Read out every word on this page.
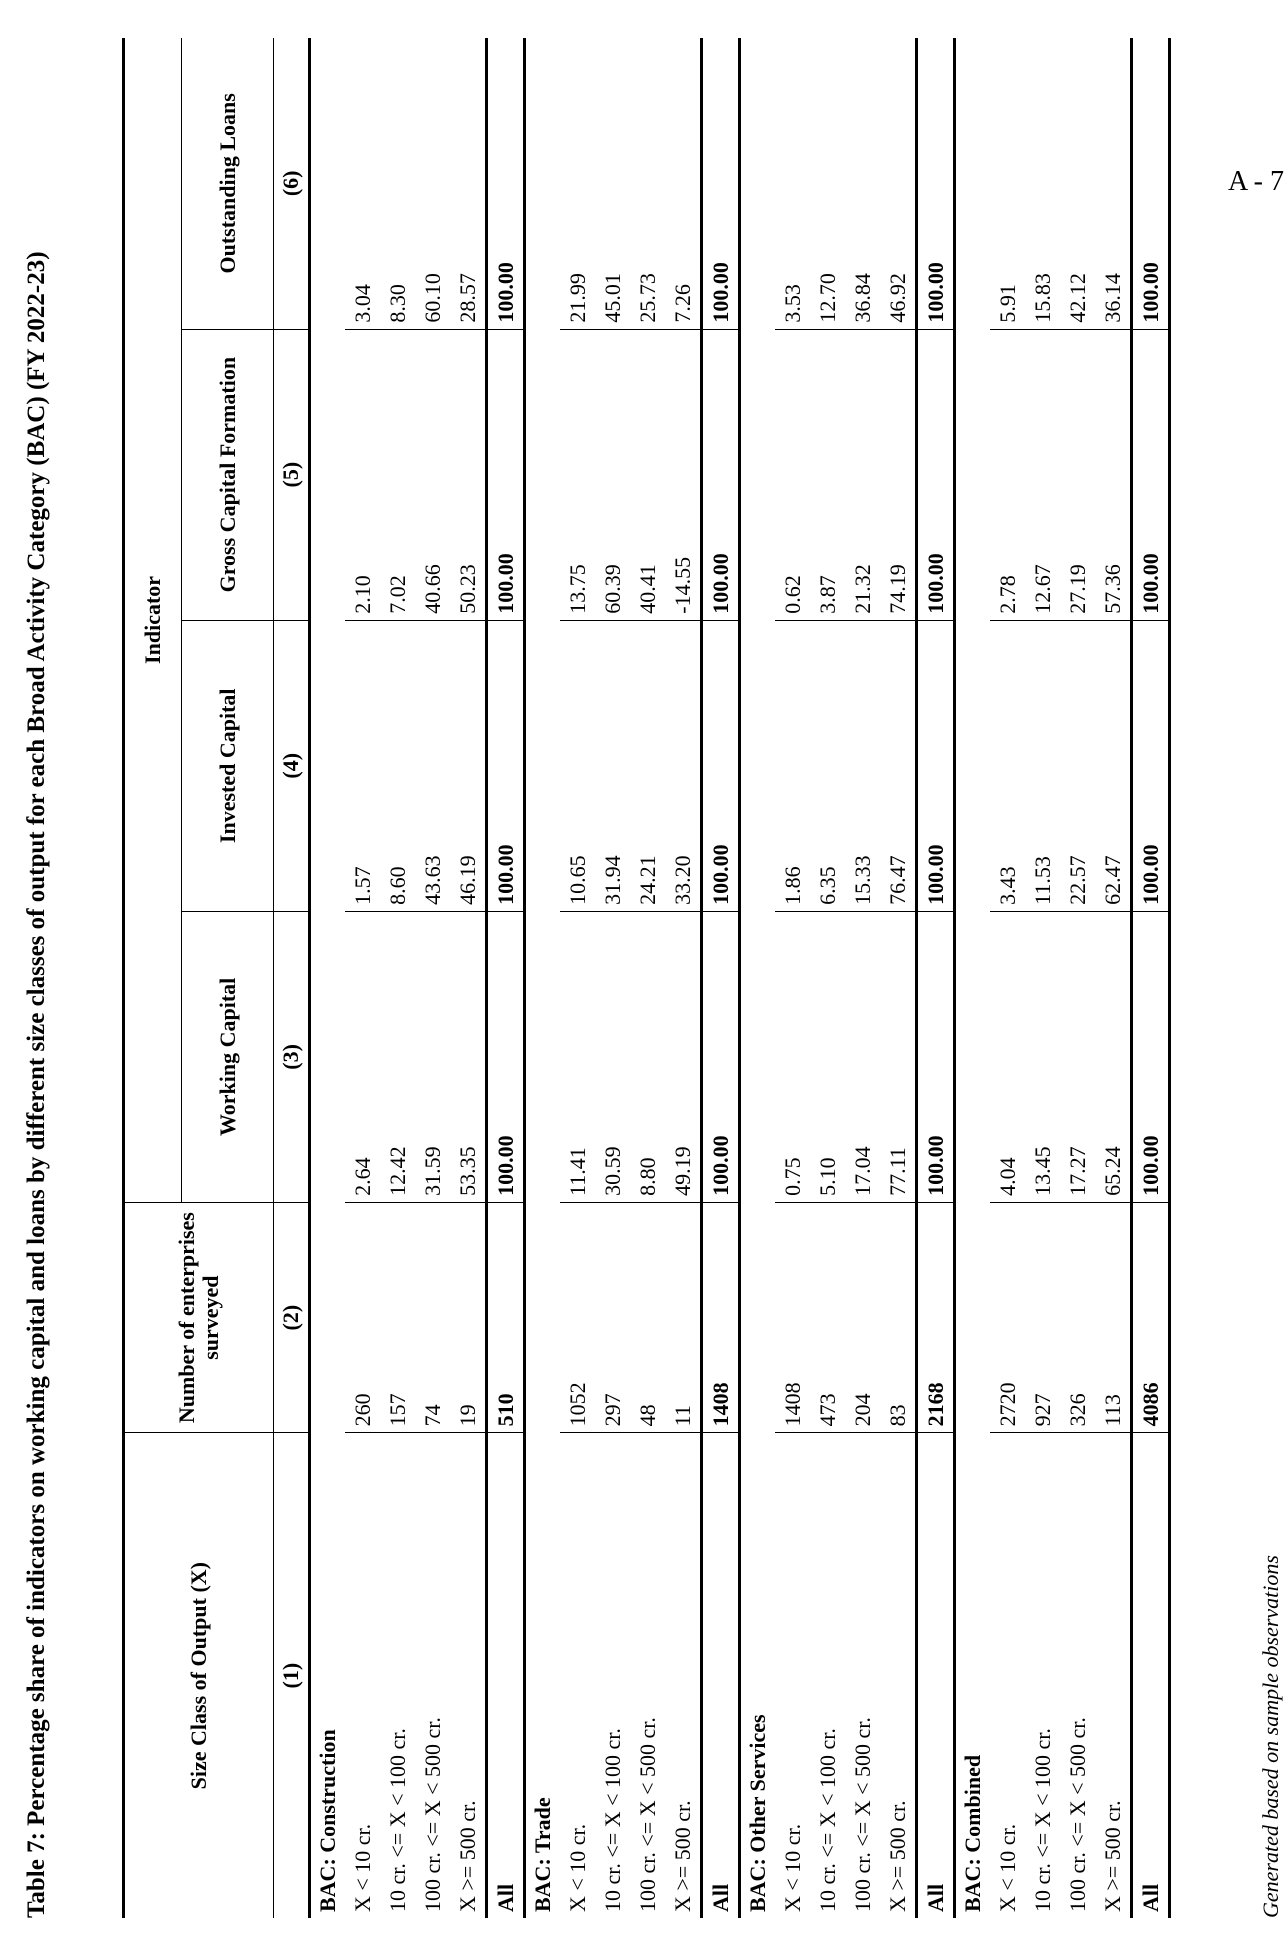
Table 7: Percentage share of indicators on working capital and loans by different size classes of output for each Broad Activity Category (BAC) (FY 2022-23)	Size Class of Output (X)	Number of enterprises surveyed	Indicator			
		Working Capital	Invested Capital	Gross Capital Formation	Outstanding Loans
(1)	(2)	(3)	(4)	(5)	(6)
BAC: Construction					
X < 10 cr.	260	2.64	1.57	2.10	3.04
10 cr. <= X < 100 cr.	157	12.42	8.60	7.02	8.30
100 cr. <= X < 500 cr.	74	31.59	43.63	40.66	60.10
X >= 500 cr.	19	53.35	46.19	50.23	28.57
All	510	100.00	100.00	100.00	100.00
BAC: Trade					
X < 10 cr.	1052	11.41	10.65	13.75	21.99
10 cr. <= X < 100 cr.	297	30.59	31.94	60.39	45.01
100 cr. <= X < 500 cr.	48	8.80	24.21	40.41	25.73
X >= 500 cr.	11	49.19	33.20	-14.55	7.26
All	1408	100.00	100.00	100.00	100.00
BAC: Other Services					
X < 10 cr.	1408	0.75	1.86	0.62	3.53
10 cr. <= X < 100 cr.	473	5.10	6.35	3.87	12.70
100 cr. <= X < 500 cr.	204	17.04	15.33	21.32	36.84
X >= 500 cr.	83	77.11	76.47	74.19	46.92
All	2168	100.00	100.00	100.00	100.00
BAC: Combined					
X < 10 cr.	2720	4.04	3.43	2.78	5.91
10 cr. <= X < 100 cr.	927	13.45	11.53	12.67	15.83
100 cr. <= X < 500 cr.	326	17.27	22.57	27.19	42.12
X >= 500 cr.	113	65.24	62.47	57.36	36.14
All	4086	100.00	100.00	100.00	100.00
Generated based on sample observations
A - 7
